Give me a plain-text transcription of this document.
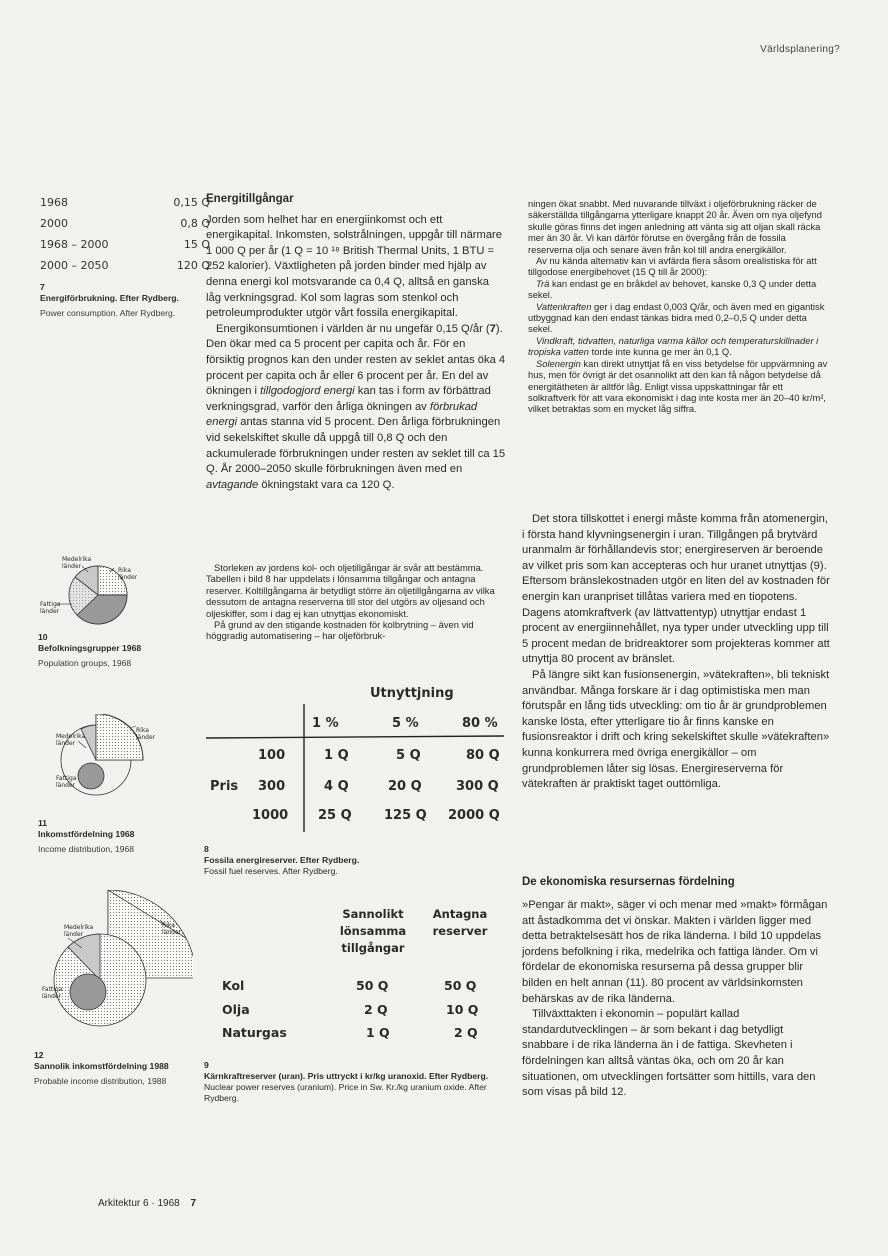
Världsplanering?
1968	0,15 Q
2000	0,8 Q
1968 – 2000	15 Q
2000 – 2050	120 Q
7
Energiförbrukning. Efter Rydberg.
Power consumption. After Rydberg.
Medelrika länder
Rika länder
Fattiga länder
10
Befolkningsgrupper 1968
Population groups, 1968
Medelrika länder
Rika länder
Fattiga länder
11
Inkomstfördelning 1968
Income distribution, 1968
Medelrika länder
Rika länder
Fattiga länder
12
Sannolik inkomstfördelning 1988
Probable income distribution, 1988
Energitillgångar

Jorden som helhet har en energiinkomst och ett energikapital. Inkomsten, solstrålningen, uppgår till närmare 1 000 Q per år (1 Q = 10 ¹⁸ British Thermal Units, 1 BTU = 252 kalorier). Växtligheten på jorden binder med hjälp av denna energi kol motsvarande ca 0,4 Q, alltså en ganska låg verkningsgrad. Kol som lagras som stenkol och petroleumprodukter utgör vårt fossila energikapital.

Energikonsumtionen i världen är nu ungefär 0,15 Q/år (7). Den ökar med ca 5 procent per capita och år. För en försiktig prognos kan den under resten av seklet antas öka 4 procent per capita och år eller 6 procent per år. En del av ökningen i tillgodogjord energi kan tas i form av förbättrad verkningsgrad, varför den årliga ökningen av förbrukad energi antas stanna vid 5 procent. Den årliga förbrukningen vid sekelskiftet skulle då uppgå till 0,8 Q och den ackumulerade förbrukningen under resten av seklet till ca 15 Q. År 2000–2050 skulle förbrukningen även med en avtagande ökningstakt vara ca 120 Q.

Storleken av jordens kol- och oljetillgångar är svår att bestämma. Tabellen i bild 8 har uppdelats i lönsamma tillgångar och antagna reserver. Koltillgångarna är betydligt större än oljetillgångarna av vilka dessutom de antagna reserverna till stor del utgörs av oljesand och oljeskiffer, som i dag ej kan utnyttjas ekonomiskt.
På grund av den stigande kostnaden för kolbrytning – även vid höggradig automatisering – har oljeförbruk-
Utnyttjning
1 %	5 %	80 %
Pris
100	1 Q	5 Q	80 Q
300	4 Q	20 Q	300 Q
1000 25 Q 125 Q 2000 Q
8
Fossila energireserver. Efter Rydberg.
Fossil fuel reserves. After Rydberg.
Sannolikt lönsamma tillgångar
Antagna reserver
Kol	50 Q	50 Q
Olja	2 Q	10 Q
Naturgas	1 Q	2 Q
9
Kärnkraftreserver (uran). Pris uttryckt i kr/kg uranoxid. Efter Rydberg.
Nuclear power reserves (uranium). Price in Sw. Kr./kg uranium oxide. After Rydberg.
ningen ökat snabbt. Med nuvarande tillväxt i oljeförbrukning räcker de säkerställda tillgångarna ytterligare knappt 20 år. Även om nya oljefynd skulle göras finns det ingen anledning att vänta sig att oljan skall räcka mer än 30 år. Vi kan därför förutse en övergång från de fossila reserverna olja och senare även från kol till andra energikällor.
Av nu kända alternativ kan vi avfärda flera såsom orealistiska för att tillgodose energibehovet (15 Q till år 2000):
Trä kan endast ge en bråkdel av behovet, kanske 0,3 Q under detta sekel.
Vattenkraften ger i dag endast 0,003 Q/år, och även med en gigantisk utbyggnad kan den endast tänkas bidra med 0,2–0,5 Q under detta sekel.
Vindkraft, tidvatten, naturliga varma källor och temperaturskillnader i tropiska vatten torde inte kunna ge mer än 0,1 Q.
Solenergin kan direkt utnyttjat få en viss betydelse för uppvärmning av hus, men för övrigt är det osannolikt att den kan få någon betydelse då energitätheten är alltför låg. Enligt vissa uppskattningar får ett solkraftverk för att vara ekonomiskt i dag inte kosta mer än 20–40 kr/m², vilket betraktas som en mycket låg siffra.

Det stora tillskottet i energi måste komma från atomenergin, i första hand klyvningsenergin i uran. Tillgången på brytvärd uranmalm är förhållandevis stor; energireserven är beroende av vilket pris som kan accepteras och hur uranet utnyttjas (9). Eftersom bränslekostnaden utgör en liten del av kostnaden för energin kan uranpriset tillåtas variera med en tiopotens. Dagens atomkraftverk (av lättvattentyp) utnyttjar endast 1 procent av energiinnehållet, nya typer under utveckling upp till 5 procent medan de bridreaktorer som projekteras kommer att utnyttja 80 procent av bränslet.

På längre sikt kan fusionsenergin, »vätekraften», bli tekniskt användbar. Många forskare är i dag optimistiska men man förutspår en lång tids utveckling: om tio år är grundproblemen kanske lösta, efter ytterligare tio år finns kanske en fusionsreaktor i drift och kring sekelskiftet skulle »vätekraften» kunna konkurrera med övriga energikällor – om grundproblemen låter sig lösas. Energireserverna för vätekraften är praktiskt taget outtömliga.

De ekonomiska resursernas fördelning

»Pengar är makt», säger vi och menar med »makt» förmågan att åstadkomma det vi önskar. Makten i världen ligger med detta betraktelsesätt hos de rika länderna. I bild 10 uppdelas jordens befolkning i rika, medelrika och fattiga länder. Om vi fördelar de ekonomiska resurserna på dessa grupper blir bilden en helt annan (11). 80 procent av världsinkomsten behärskas av de rika länderna.

Tillväxttakten i ekonomin – populärt kallad standardutvecklingen – är som bekant i dag betydligt snabbare i de rika länderna än i de fattiga. Skevheten i fördelningen kan alltså väntas öka, och om 20 år kan situationen, om utvecklingen fortsätter som hittills, vara den som visas på bild 12.

Arkitektur 6 · 1968 7
